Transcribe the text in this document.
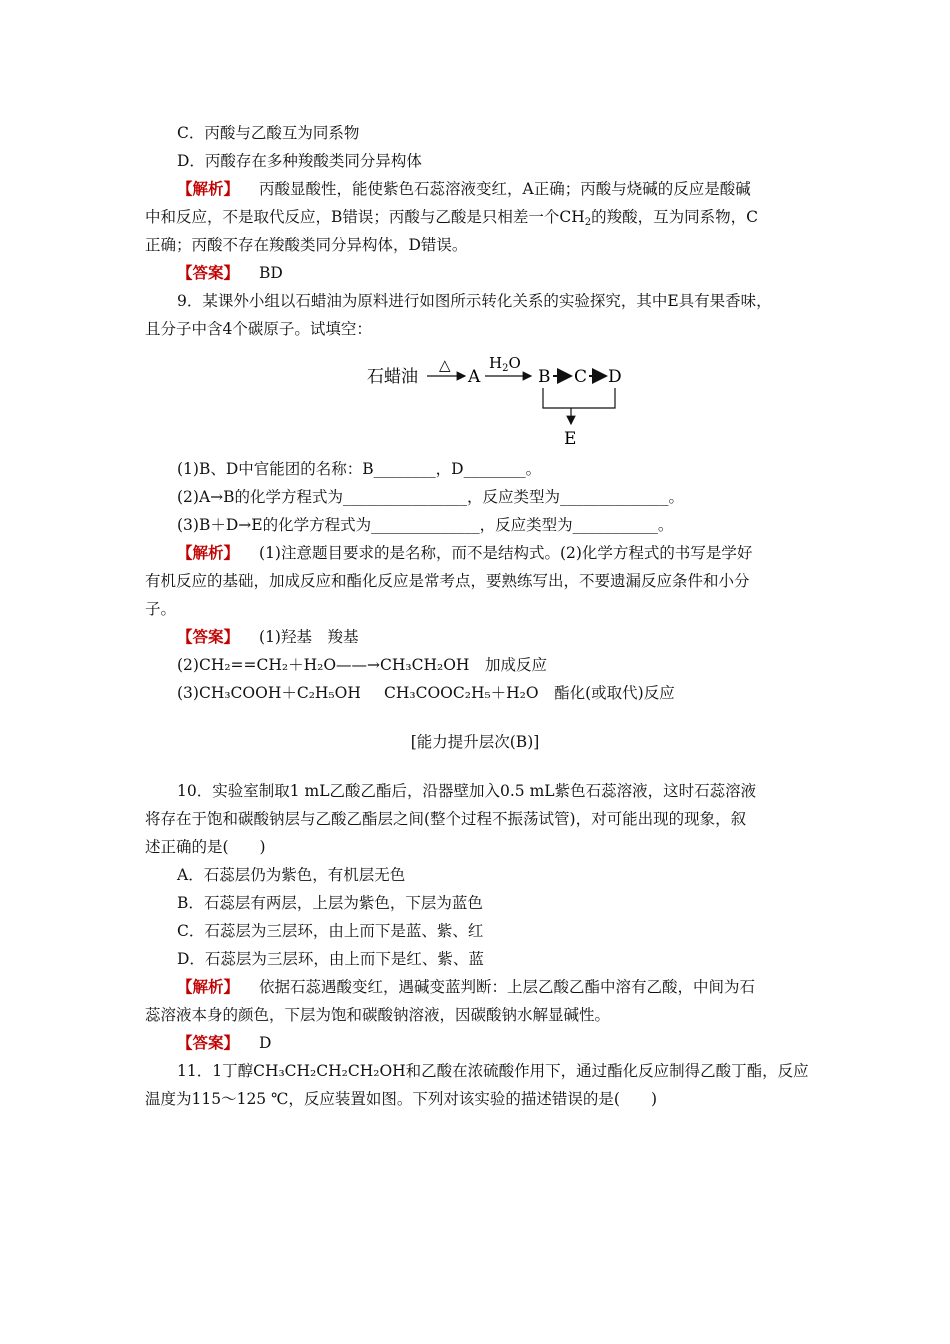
C．丙酸与乙酸互为同系物
D．丙酸存在多种羧酸类同分异构体
【解析】 丙酸显酸性，能使紫色石蕊溶液变红，A正确；丙酸与烧碱的反应是酸碱
中和反应，不是取代反应，B错误；丙酸与乙酸是只相差一个$CH_2$的羧酸，互为同系物，C
正确；丙酸不存在羧酸类同分异构体，D错误。
【答案】 BD
9．某课外小组以石蜡油为原料进行如图所示转化关系的实验探究，其中E具有果香味，
且分子中含4个碳原子。试填空：
石蜡油
△
A
$H_2O$
B C D
E
(1)B、D中官能团的名称：B________，D________。
(2)A→B的化学方程式为________________，反应类型为______________。
(3)B＋D→E的化学方程式为______________，反应类型为___________。
【解析】 (1)注意题目要求的是名称，而不是结构式。(2)化学方程式的书写是学好
有机反应的基础，加成反应和酯化反应是常考点，要熟练写出，不要遗漏反应条件和小分
子。
【答案】 (1)羟基　羧基
(2)CH₂==CH₂＋H₂O——→CH₃CH₂OH　加成反应
(3)CH₃COOH＋C₂H₅OH CH₃COOC₂H₅＋H₂O　酯化(或取代)反应
[能力提升层次(B)]
10．实验室制取1 mL乙酸乙酯后，沿器壁加入0.5 mL紫色石蕊溶液，这时石蕊溶液
将存在于饱和碳酸钠层与乙酸乙酯层之间(整个过程不振荡试管)，对可能出现的现象，叙
述正确的是(　　)
A．石蕊层仍为紫色，有机层无色
B．石蕊层有两层，上层为紫色，下层为蓝色
C．石蕊层为三层环，由上而下是蓝、紫、红
D．石蕊层为三层环，由上而下是红、紫、蓝
【解析】 依据石蕊遇酸变红，遇碱变蓝判断：上层乙酸乙酯中溶有乙酸，中间为石
蕊溶液本身的颜色，下层为饱和碳酸钠溶液，因碳酸钠水解显碱性。
【答案】 D
11．1丁醇CH₃CH₂CH₂CH₂OH和乙酸在浓硫酸作用下，通过酯化反应制得乙酸丁酯，反应
温度为115～125 ℃，反应装置如图。下列对该实验的描述错误的是(　　)
